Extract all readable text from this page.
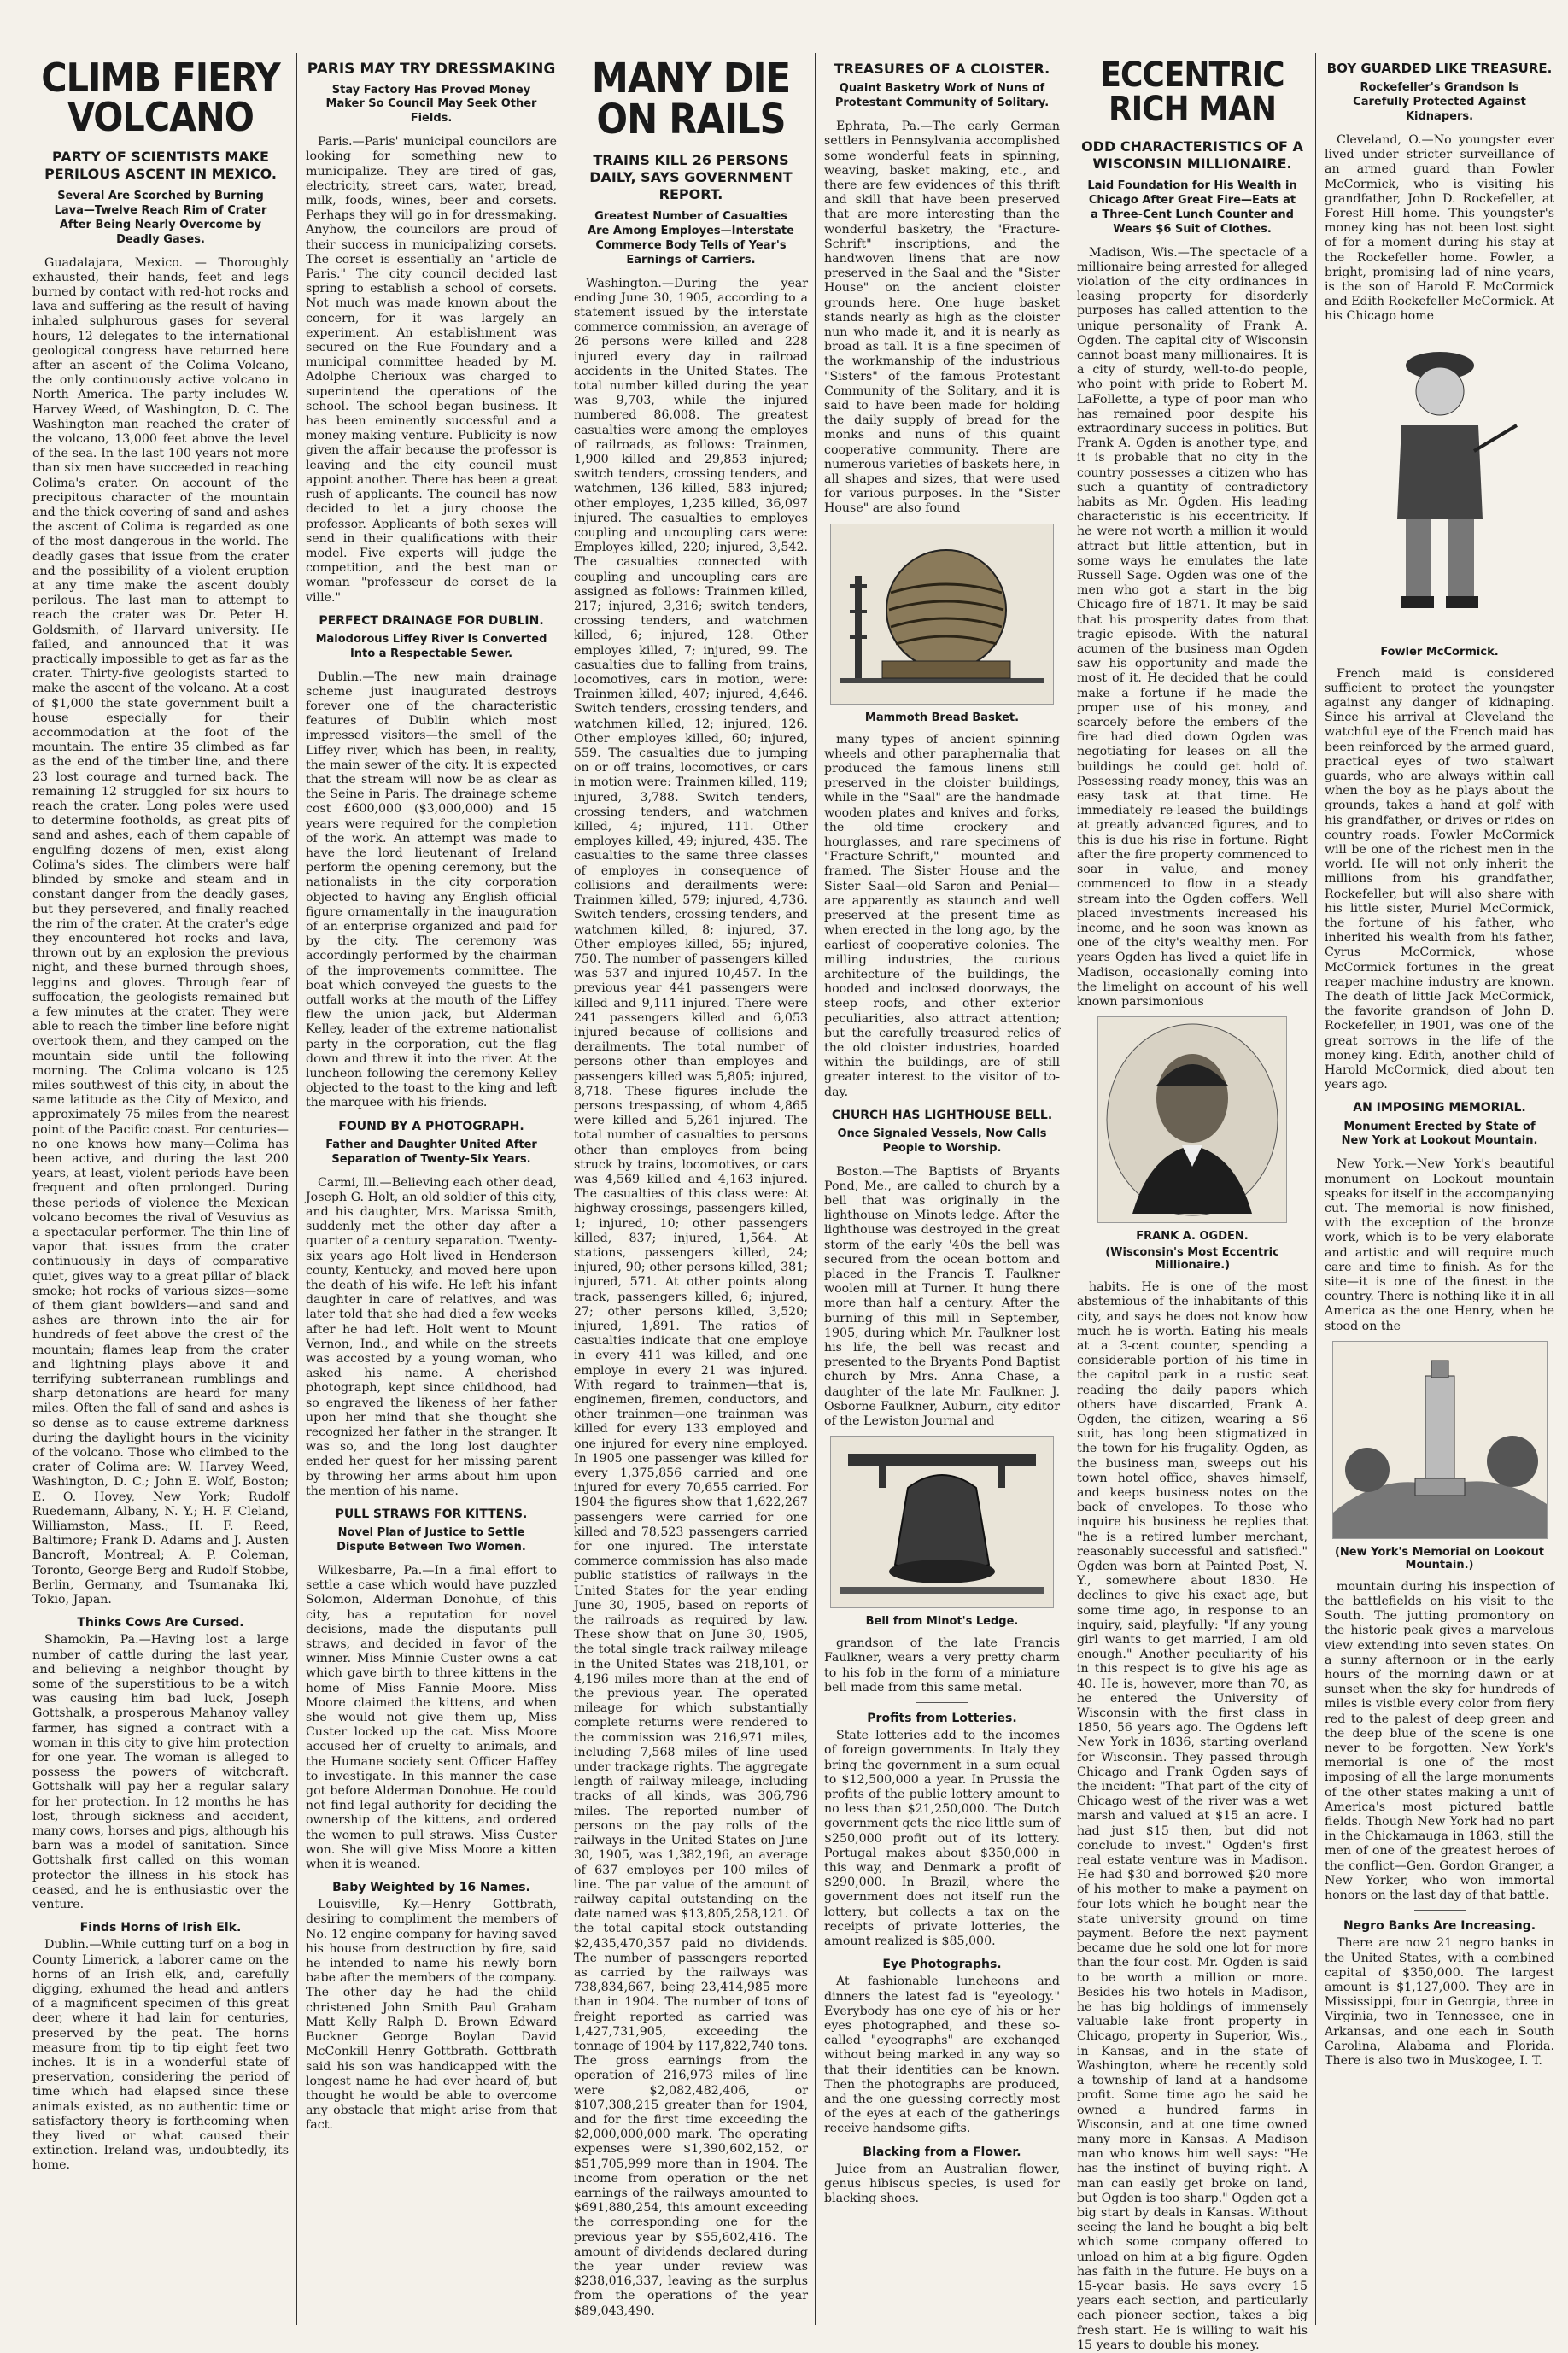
CLIMB FIERY VOLCANO
PARTY OF SCIENTISTS MAKE PERILOUS ASCENT IN MEXICO.
Several Are Scorched by Burning Lava—Twelve Reach Rim of Crater After Being Nearly Overcome by Deadly Gases.

Guadalajara, Mexico. — Thoroughly exhausted, their hands, feet and legs burned by contact with red-hot rocks and lava and suffering as the result of having inhaled sulphurous gases for several hours, 12 delegates to the international geological congress have returned here after an ascent of the Colima Volcano, the only continuously active volcano in North America. The party includes W. Harvey Weed, of Washington, D. C. The Washington man reached the crater of the volcano, 13,000 feet above the level of the sea. In the last 100 years not more than six men have succeeded in reaching Colima's crater. On account of the precipitous character of the mountain and the thick covering of sand and ashes the ascent of Colima is regarded as one of the most dangerous in the world. The deadly gases that issue from the crater and the possibility of a violent eruption at any time make the ascent doubly perilous. The last man to attempt to reach the crater was Dr. Peter H. Goldsmith, of Harvard university. He failed, and announced that it was practically impossible to get as far as the crater. Thirty-five geologists started to make the ascent of the volcano. At a cost of $1,000 the state government built a house especially for their accommodation at the foot of the mountain. The entire 35 climbed as far as the end of the timber line, and there 23 lost courage and turned back. The remaining 12 struggled for six hours to reach the crater. Long poles were used to determine footholds, as great pits of sand and ashes, each of them capable of engulfing dozens of men, exist along Colima's sides. The climbers were half blinded by smoke and steam and in constant danger from the deadly gases, but they persevered, and finally reached the rim of the crater. At the crater's edge they encountered hot rocks and lava, thrown out by an explosion the previous night, and these burned through shoes, leggins and gloves. Through fear of suffocation, the geologists remained but a few minutes at the crater. They were able to reach the timber line before night overtook them, and they camped on the mountain side until the following morning. The Colima volcano is 125 miles southwest of this city, in about the same latitude as the City of Mexico, and approximately 75 miles from the nearest point of the Pacific coast. For centuries—no one knows how many—Colima has been active, and during the last 200 years, at least, violent periods have been frequent and often prolonged. During these periods of violence the Mexican volcano becomes the rival of Vesuvius as a spectacular performer. The thin line of vapor that issues from the crater continuously in days of comparative quiet, gives way to a great pillar of black smoke; hot rocks of various sizes—some of them giant bowlders—and sand and ashes are thrown into the air for hundreds of feet above the crest of the mountain; flames leap from the crater and lightning plays above it and terrifying subterranean rumblings and sharp detonations are heard for many miles. Often the fall of sand and ashes is so dense as to cause extreme darkness during the daylight hours in the vicinity of the volcano. Those who climbed to the crater of Colima are: W. Harvey Weed, Washington, D. C.; John E. Wolf, Boston; E. O. Hovey, New York; Rudolf Ruedemann, Albany, N. Y.; H. F. Cleland, Williamston, Mass.; H. F. Reed, Baltimore; Frank D. Adams and J. Austen Bancroft, Montreal; A. P. Coleman, Toronto, George Berg and Rudolf Stobbe, Berlin, Germany, and Tsumanaka Iki, Tokio, Japan.

Thinks Cows Are Cursed.

Shamokin, Pa.—Having lost a large number of cattle during the last year, and believing a neighbor thought by some of the superstitious to be a witch was causing him bad luck, Joseph Gottshalk, a prosperous Mahanoy valley farmer, has signed a contract with a woman in this city to give him protection for one year. The woman is alleged to possess the powers of witchcraft. Gottshalk will pay her a regular salary for her protection. In 12 months he has lost, through sickness and accident, many cows, horses and pigs, although his barn was a model of sanitation. Since Gottshalk first called on this woman protector the illness in his stock has ceased, and he is enthusiastic over the venture.

Finds Horns of Irish Elk.

Dublin.—While cutting turf on a bog in County Limerick, a laborer came on the horns of an Irish elk, and, carefully digging, exhumed the head and antlers of a magnificent specimen of this great deer, where it had lain for centuries, preserved by the peat. The horns measure from tip to tip eight feet two inches. It is in a wonderful state of preservation, considering the period of time which had elapsed since these animals existed, as no authentic time or satisfactory theory is forthcoming when they lived or what caused their extinction. Ireland was, undoubtedly, its home.

PARIS MAY TRY DRESSMAKING
Stay Factory Has Proved Money Maker So Council May Seek Other Fields.

Paris.—Paris' municipal councilors are looking for something new to municipalize. They are tired of gas, electricity, street cars, water, bread, milk, foods, wines, beer and corsets. Perhaps they will go in for dressmaking. Anyhow, the councilors are proud of their success in municipalizing corsets. The corset is essentially an "article de Paris." The city council decided last spring to establish a school of corsets. Not much was made known about the concern, for it was largely an experiment. An establishment was secured on the Rue Foundary and a municipal committee headed by M. Adolphe Cherioux was charged to superintend the operations of the school. The school began business. It has been eminently successful and a money making venture. Publicity is now given the affair because the professor is leaving and the city council must appoint another. There has been a great rush of applicants. The council has now decided to let a jury choose the professor. Applicants of both sexes will send in their qualifications with their model. Five experts will judge the competition, and the best man or woman "professeur de corset de la ville."

PERFECT DRAINAGE FOR DUBLIN.
Malodorous Liffey River Is Converted Into a Respectable Sewer.

Dublin.—The new main drainage scheme just inaugurated destroys forever one of the characteristic features of Dublin which most impressed visitors—the smell of the Liffey river, which has been, in reality, the main sewer of the city. It is expected that the stream will now be as clear as the Seine in Paris. The drainage scheme cost £600,000 ($3,000,000) and 15 years were required for the completion of the work. An attempt was made to have the lord lieutenant of Ireland perform the opening ceremony, but the nationalists in the city corporation objected to having any English official figure ornamentally in the inauguration of an enterprise organized and paid for by the city. The ceremony was accordingly performed by the chairman of the improvements committee. The boat which conveyed the guests to the outfall works at the mouth of the Liffey flew the union jack, but Alderman Kelley, leader of the extreme nationalist party in the corporation, cut the flag down and threw it into the river. At the luncheon following the ceremony Kelley objected to the toast to the king and left the marquee with his friends.

FOUND BY A PHOTOGRAPH.
Father and Daughter United After Separation of Twenty-Six Years.

Carmi, Ill.—Believing each other dead, Joseph G. Holt, an old soldier of this city, and his daughter, Mrs. Marissa Smith, suddenly met the other day after a quarter of a century separation. Twenty-six years ago Holt lived in Henderson county, Kentucky, and moved here upon the death of his wife. He left his infant daughter in care of relatives, and was later told that she had died a few weeks after he had left. Holt went to Mount Vernon, Ind., and while on the streets was accosted by a young woman, who asked his name. A cherished photograph, kept since childhood, had so engraved the likeness of her father upon her mind that she thought she recognized her father in the stranger. It was so, and the long lost daughter ended her quest for her missing parent by throwing her arms about him upon the mention of his name.

PULL STRAWS FOR KITTENS.
Novel Plan of Justice to Settle Dispute Between Two Women.

Wilkesbarre, Pa.—In a final effort to settle a case which would have puzzled Solomon, Alderman Donohue, of this city, has a reputation for novel decisions, made the disputants pull straws, and decided in favor of the winner. Miss Minnie Custer owns a cat which gave birth to three kittens in the home of Miss Fannie Moore. Miss Moore claimed the kittens, and when she would not give them up, Miss Custer locked up the cat. Miss Moore accused her of cruelty to animals, and the Humane society sent Officer Haffey to investigate. In this manner the case got before Alderman Donohue. He could not find legal authority for deciding the ownership of the kittens, and ordered the women to pull straws. Miss Custer won. She will give Miss Moore a kitten when it is weaned.

Baby Weighted by 16 Names.

Louisville, Ky.—Henry Gottbrath, desiring to compliment the members of No. 12 engine company for having saved his house from destruction by fire, said he intended to name his newly born babe after the members of the company. The other day he had the child christened John Smith Paul Graham Matt Kelly Ralph D. Brown Edward Buckner George Boylan David McConkill Henry Gottbrath. Gottbrath said his son was handicapped with the longest name he had ever heard of, but thought he would be able to overcome any obstacle that might arise from that fact.

MANY DIE ON RAILS
TRAINS KILL 26 PERSONS DAILY, SAYS GOVERNMENT REPORT.
Greatest Number of Casualties Are Among Employes—Interstate Commerce Body Tells of Year's Earnings of Carriers.

Washington.—During the year ending June 30, 1905, according to a statement issued by the interstate commerce commission, an average of 26 persons were killed and 228 injured every day in railroad accidents in the United States. The total number killed during the year was 9,703, while the injured numbered 86,008. The greatest casualties were among the employes of railroads, as follows: Trainmen, 1,900 killed and 29,853 injured; switch tenders, crossing tenders, and watchmen, 136 killed, 583 injured; other employes, 1,235 killed, 36,097 injured. The casualties to employes coupling and uncoupling cars were: Employes killed, 220; injured, 3,542. The casualties connected with coupling and uncoupling cars are assigned as follows: Trainmen killed, 217; injured, 3,316; switch tenders, crossing tenders, and watchmen killed, 6; injured, 128. Other employes killed, 7; injured, 99. The casualties due to falling from trains, locomotives, cars in motion, were: Trainmen killed, 407; injured, 4,646. Switch tenders, crossing tenders, and watchmen killed, 12; injured, 126. Other employes killed, 60; injured, 559. The casualties due to jumping on or off trains, locomotives, or cars in motion were: Trainmen killed, 119; injured, 3,788. Switch tenders, crossing tenders, and watchmen killed, 4; injured, 111. Other employes killed, 49; injured, 435. The casualties to the same three classes of employes in consequence of collisions and derailments were: Trainmen killed, 579; injured, 4,736. Switch tenders, crossing tenders, and watchmen killed, 8; injured, 37. Other employes killed, 55; injured, 750. The number of passengers killed was 537 and injured 10,457. In the previous year 441 passengers were killed and 9,111 injured. There were 241 passengers killed and 6,053 injured because of collisions and derailments. The total number of persons other than employes and passengers killed was 5,805; injured, 8,718. These figures include the persons trespassing, of whom 4,865 were killed and 5,261 injured. The total number of casualties to persons other than employes from being struck by trains, locomotives, or cars was 4,569 killed and 4,163 injured. The casualties of this class were: At highway crossings, passengers killed, 1; injured, 10; other passengers killed, 837; injured, 1,564. At stations, passengers killed, 24; injured, 90; other persons killed, 381; injured, 571. At other points along track, passengers killed, 6; injured, 27; other persons killed, 3,520; injured, 1,891. The ratios of casualties indicate that one employe in every 411 was killed, and one employe in every 21 was injured. With regard to trainmen—that is, enginemen, firemen, conductors, and other trainmen—one trainman was killed for every 133 employed and one injured for every nine employed. In 1905 one passenger was killed for every 1,375,856 carried and one injured for every 70,655 carried. For 1904 the figures show that 1,622,267 passengers were carried for one killed and 78,523 passengers carried for one injured. The interstate commerce commission has also made public statistics of railways in the United States for the year ending June 30, 1905, based on reports of the railroads as required by law. These show that on June 30, 1905, the total single track railway mileage in the United States was 218,101, or 4,196 miles more than at the end of the previous year. The operated mileage for which substantially complete returns were rendered to the commission was 216,971 miles, including 7,568 miles of line used under trackage rights. The aggregate length of railway mileage, including tracks of all kinds, was 306,796 miles. The reported number of persons on the pay rolls of the railways in the United States on June 30, 1905, was 1,382,196, an average of 637 employes per 100 miles of line. The par value of the amount of railway capital outstanding on the date named was $13,805,258,121. Of the total capital stock outstanding $2,435,470,357 paid no dividends. The number of passengers reported as carried by the railways was 738,834,667, being 23,414,985 more than in 1904. The number of tons of freight reported as carried was 1,427,731,905, exceeding the tonnage of 1904 by 117,822,740 tons. The gross earnings from the operation of 216,973 miles of line were $2,082,482,406, or $107,308,215 greater than for 1904, and for the first time exceeding the $2,000,000,000 mark. The operating expenses were $1,390,602,152, or $51,705,999 more than in 1904. The income from operation or the net earnings of the railways amounted to $691,880,254, this amount exceeding the corresponding one for the previous year by $55,602,416. The amount of dividends declared during the year under review was $238,016,337, leaving as the surplus from the operations of the year $89,043,490.

TREASURES OF A CLOISTER.
Quaint Basketry Work of Nuns of Protestant Community of Solitary.

Ephrata, Pa.—The early German settlers in Pennsylvania accomplished some wonderful feats in spinning, weaving, basket making, etc., and there are few evidences of this thrift and skill that have been preserved that are more interesting than the wonderful basketry, the "Fracture-Schrift" inscriptions, and the handwoven linens that are now preserved in the Saal and the "Sister House" on the ancient cloister grounds here. One huge basket stands nearly as high as the cloister nun who made it, and it is nearly as broad as tall. It is a fine specimen of the workmanship of the industrious "Sisters" of the famous Protestant Community of the Solitary, and it is said to have been made for holding the daily supply of bread for the monks and nuns of this quaint cooperative community. There are numerous varieties of baskets here, in all shapes and sizes, that were used for various purposes. In the "Sister House" are also found

Mammoth Bread Basket.

many types of ancient spinning wheels and other paraphernalia that produced the famous linens still preserved in the cloister buildings, while in the "Saal" are the handmade wooden plates and knives and forks, the old-time crockery and hourglasses, and rare specimens of "Fracture-Schrift," mounted and framed. The Sister House and the Sister Saal—old Saron and Penial—are apparently as staunch and well preserved at the present time as when erected in the long ago, by the earliest of cooperative colonies. The milling industries, the curious architecture of the buildings, the hooded and inclosed doorways, the steep roofs, and other exterior peculiarities, also attract attention; but the carefully treasured relics of the old cloister industries, hoarded within the buildings, are of still greater interest to the visitor of to-day.

CHURCH HAS LIGHTHOUSE BELL.
Once Signaled Vessels, Now Calls People to Worship.

Boston.—The Baptists of Bryants Pond, Me., are called to church by a bell that was originally in the lighthouse on Minots ledge. After the lighthouse was destroyed in the great storm of the early '40s the bell was secured from the ocean bottom and placed in the Francis T. Faulkner woolen mill at Turner. It hung there more than half a century. After the burning of this mill in September, 1905, during which Mr. Faulkner lost his life, the bell was recast and presented to the Bryants Pond Baptist church by Mrs. Anna Chase, a daughter of the late Mr. Faulkner. J. Osborne Faulkner, Auburn, city editor of the Lewiston Journal and

Bell from Minot's Ledge.

grandson of the late Francis Faulkner, wears a very pretty charm to his fob in the form of a miniature bell made from this same metal.

Profits from Lotteries.

State lotteries add to the incomes of foreign governments. In Italy they bring the government in a sum equal to $12,500,000 a year. In Prussia the profits of the public lottery amount to no less than $21,250,000. The Dutch government gets the nice little sum of $250,000 profit out of its lottery. Portugal makes about $350,000 in this way, and Denmark a profit of $290,000. In Brazil, where the government does not itself run the lottery, but collects a tax on the receipts of private lotteries, the amount realized is $85,000.

Eye Photographs.

At fashionable luncheons and dinners the latest fad is "eyeology." Everybody has one eye of his or her eyes photographed, and these so-called "eyeographs" are exchanged without being marked in any way so that their identities can be known. Then the photographs are produced, and the one guessing correctly most of the eyes at each of the gatherings receive handsome gifts.

Blacking from a Flower.

Juice from an Australian flower, genus hibiscus species, is used for blacking shoes.

ECCENTRIC RICH MAN
ODD CHARACTERISTICS OF A WISCONSIN MILLIONAIRE.
Laid Foundation for His Wealth in Chicago After Great Fire—Eats at a Three-Cent Lunch Counter and Wears $6 Suit of Clothes.

Madison, Wis.—The spectacle of a millionaire being arrested for alleged violation of the city ordinances in leasing property for disorderly purposes has called attention to the unique personality of Frank A. Ogden. The capital city of Wisconsin cannot boast many millionaires. It is a city of sturdy, well-to-do people, who point with pride to Robert M. LaFollette, a type of poor man who has remained poor despite his extraordinary success in politics. But Frank A. Ogden is another type, and it is probable that no city in the country possesses a citizen who has such a quantity of contradictory habits as Mr. Ogden. His leading characteristic is his eccentricity. If he were not worth a million it would attract but little attention, but in some ways he emulates the late Russell Sage. Ogden was one of the men who got a start in the big Chicago fire of 1871. It may be said that his prosperity dates from that tragic episode. With the natural acumen of the business man Ogden saw his opportunity and made the most of it. He decided that he could make a fortune if he made the proper use of his money, and scarcely before the embers of the fire had died down Ogden was negotiating for leases on all the buildings he could get hold of. Possessing ready money, this was an easy task at that time. He immediately re-leased the buildings at greatly advanced figures, and to this is due his rise in fortune. Right after the fire property commenced to soar in value, and money commenced to flow in a steady stream into the Ogden coffers. Well placed investments increased his income, and he soon was known as one of the city's wealthy men. For years Ogden has lived a quiet life in Madison, occasionally coming into the limelight on account of his well known parsimonious

FRANK A. OGDEN.
(Wisconsin's Most Eccentric Millionaire.)

habits. He is one of the most abstemious of the inhabitants of this city, and says he does not know how much he is worth. Eating his meals at a 3-cent counter, spending a considerable portion of his time in the capitol park in a rustic seat reading the daily papers which others have discarded, Frank A. Ogden, the citizen, wearing a $6 suit, has long been stigmatized in the town for his frugality. Ogden, as the business man, sweeps out his town hotel office, shaves himself, and keeps business notes on the back of envelopes. To those who inquire his business he replies that "he is a retired lumber merchant, reasonably successful and satisfied." Ogden was born at Painted Post, N. Y., somewhere about 1830. He declines to give his exact age, but some time ago, in response to an inquiry, said, playfully: "If any young girl wants to get married, I am old enough." Another peculiarity of his in this respect is to give his age as 40. He is, however, more than 70, as he entered the University of Wisconsin with the first class in 1850, 56 years ago. The Ogdens left New York in 1836, starting overland for Wisconsin. They passed through Chicago and Frank Ogden says of the incident: "That part of the city of Chicago west of the river was a wet marsh and valued at $15 an acre. I had just $15 then, but did not conclude to invest." Ogden's first real estate venture was in Madison. He had $30 and borrowed $20 more of his mother to make a payment on four lots which he bought near the state university ground on time payment. Before the next payment became due he sold one lot for more than the four cost. Mr. Ogden is said to be worth a million or more. Besides his two hotels in Madison, he has big holdings of immensely valuable lake front property in Chicago, property in Superior, Wis., in Kansas, and in the state of Washington, where he recently sold a township of land at a handsome profit. Some time ago he said he owned a hundred farms in Wisconsin, and at one time owned many more in Kansas. A Madison man who knows him well says: "He has the instinct of buying right. A man can easily get broke on land, but Ogden is too sharp." Ogden got a big start by deals in Kansas. Without seeing the land he bought a big belt which some company offered to unload on him at a big figure. Ogden has faith in the future. He buys on a 15-year basis. He says every 15 years each section, and particularly each pioneer section, takes a big fresh start. He is willing to wait his 15 years to double his money.

BOY GUARDED LIKE TREASURE.
Rockefeller's Grandson Is Carefully Protected Against Kidnapers.

Cleveland, O.—No youngster ever lived under stricter surveillance of an armed guard than Fowler McCormick, who is visiting his grandfather, John D. Rockefeller, at Forest Hill home. This youngster's money king has not been lost sight of for a moment during his stay at the Rockefeller home. Fowler, a bright, promising lad of nine years, is the son of Harold F. McCormick and Edith Rockefeller McCormick. At his Chicago home

Fowler McCormick.

French maid is considered sufficient to protect the youngster against any danger of kidnaping. Since his arrival at Cleveland the watchful eye of the French maid has been reinforced by the armed guard, practical eyes of two stalwart guards, who are always within call when the boy as he plays about the grounds, takes a hand at golf with his grandfather, or drives or rides on country roads. Fowler McCormick will be one of the richest men in the world. He will not only inherit the millions from his grandfather, Rockefeller, but will also share with his little sister, Muriel McCormick, the fortune of his father, who inherited his wealth from his father, Cyrus McCormick, whose McCormick fortunes in the great reaper machine industry are known. The death of little Jack McCormick, the favorite grandson of John D. Rockefeller, in 1901, was one of the great sorrows in the life of the money king. Edith, another child of Harold McCormick, died about ten years ago.

AN IMPOSING MEMORIAL.
Monument Erected by State of New York at Lookout Mountain.

New York.—New York's beautiful monument on Lookout mountain speaks for itself in the accompanying cut. The memorial is now finished, with the exception of the bronze work, which is to be very elaborate and artistic and will require much care and time to finish. As for the site—it is one of the finest in the country. There is nothing like it in all America as the one Henry, when he stood on the

(New York's Memorial on Lookout Mountain.)

mountain during his inspection of the battlefields on his visit to the South. The jutting promontory on the historic peak gives a marvelous view extending into seven states. On a sunny afternoon or in the early hours of the morning dawn or at sunset when the sky for hundreds of miles is visible every color from fiery red to the palest of deep green and the deep blue of the scene is one never to be forgotten. New York's memorial is one of the most imposing of all the large monuments of the other states making a unit of America's most pictured battle fields. Though New York had no part in the Chickamauga in 1863, still the men of one of the greatest heroes of the conflict—Gen. Gordon Granger, a New Yorker, who won immortal honors on the last day of that battle.

Negro Banks Are Increasing.

There are now 21 negro banks in the United States, with a combined capital of $350,000. The largest amount is $1,127,000. They are in Mississippi, four in Georgia, three in Virginia, two in Tennessee, one in Arkansas, and one each in South Carolina, Alabama and Florida. There is also two in Muskogee, I. T.
